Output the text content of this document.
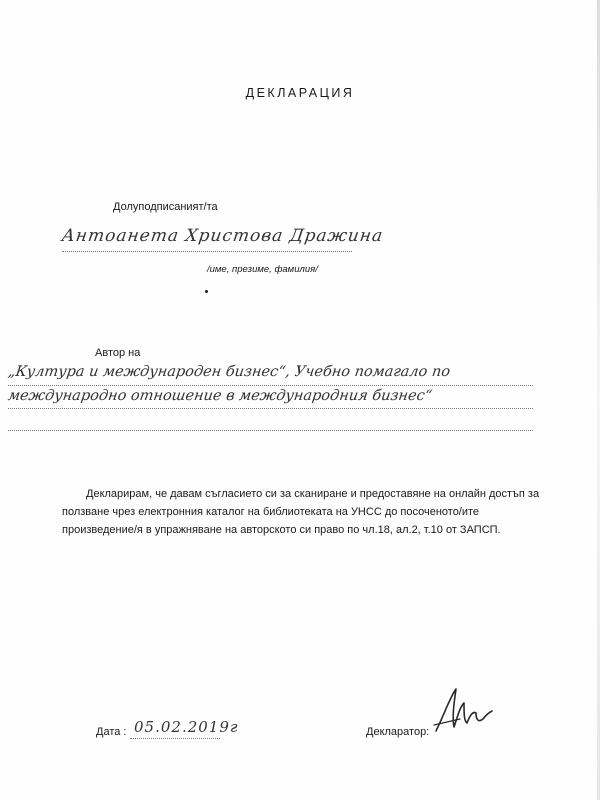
ДЕКЛАРАЦИЯ
Долуподписаният/та
Антоанета Христова Дражина
/име, презиме, фамилия/
Автор на
„Култура и международен бизнес“, Учебно помагало по
международно отношение в международния бизнес“
Декларирам, че давам съгласието си за сканиране и предоставяне на онлайн достъп за ползване чрез електронния каталог на библиотеката на УНСС до посоченото/ите произведение/я в упражняване на авторското си право по чл.18, ал.2, т.10 от ЗАПСП.
Дата : 05.02.2019г	Декларатор:
